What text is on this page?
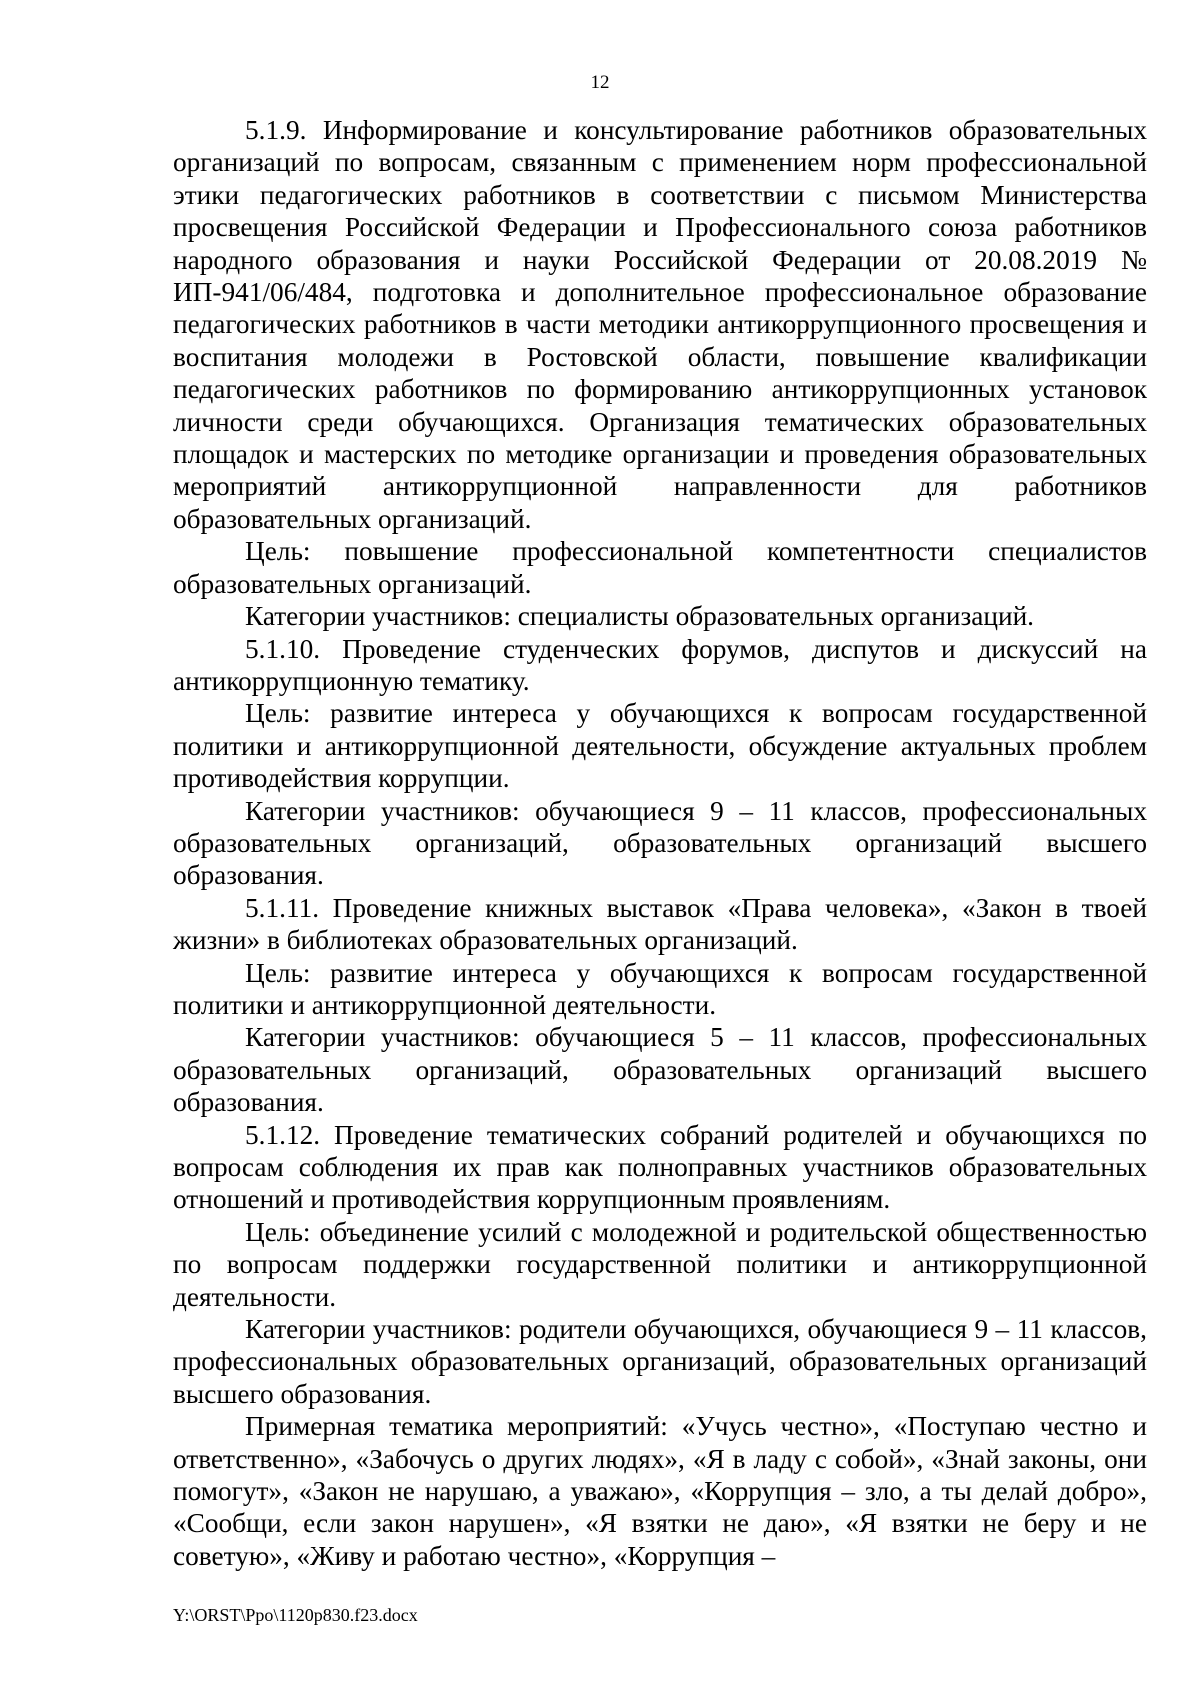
12

5.1.9. Информирование и консультирование работников образовательных организаций по вопросам, связанным с применением норм профессиональной этики педагогических работников в соответствии с письмом Министерства просвещения Российской Федерации и Профессионального союза работников народного образования и науки Российской Федерации от 20.08.2019 № ИП-941/06/484, подготовка и дополнительное профессиональное образование педагогических работников в части методики антикоррупционного просвещения и воспитания молодежи в Ростовской области, повышение квалификации педагогических работников по формированию антикоррупционных установок личности среди обучающихся. Организация тематических образовательных площадок и мастерских по методике организации и проведения образовательных мероприятий антикоррупционной направленности для работников образовательных организаций.

Цель: повышение профессиональной компетентности специалистов образовательных организаций.

Категории участников: специалисты образовательных организаций.

5.1.10. Проведение студенческих форумов, диспутов и дискуссий на антикоррупционную тематику.

Цель: развитие интереса у обучающихся к вопросам государственной политики и антикоррупционной деятельности, обсуждение актуальных проблем противодействия коррупции.

Категории участников: обучающиеся 9 – 11 классов, профессиональных образовательных организаций, образовательных организаций высшего образования.

5.1.11. Проведение книжных выставок «Права человека», «Закон в твоей жизни» в библиотеках образовательных организаций.

Цель: развитие интереса у обучающихся к вопросам государственной политики и антикоррупционной деятельности.

Категории участников: обучающиеся 5 – 11 классов, профессиональных образовательных организаций, образовательных организаций высшего образования.

5.1.12. Проведение тематических собраний родителей и обучающихся по вопросам соблюдения их прав как полноправных участников образовательных отношений и противодействия коррупционным проявлениям.

Цель: объединение усилий с молодежной и родительской общественностью по вопросам поддержки государственной политики и антикоррупционной деятельности.

Категории участников: родители обучающихся, обучающиеся 9 – 11 классов, профессиональных образовательных организаций, образовательных организаций высшего образования.

Примерная тематика мероприятий: «Учусь честно», «Поступаю честно и ответственно», «Забочусь о других людях», «Я в ладу с собой», «Знай законы, они помогут», «Закон не нарушаю, а уважаю», «Коррупция – зло, а ты делай добро», «Сообщи, если закон нарушен», «Я взятки не даю», «Я взятки не беру и не советую», «Живу и работаю честно», «Коррупция –

Y:\ORST\Ppo\1120p830.f23.docx
